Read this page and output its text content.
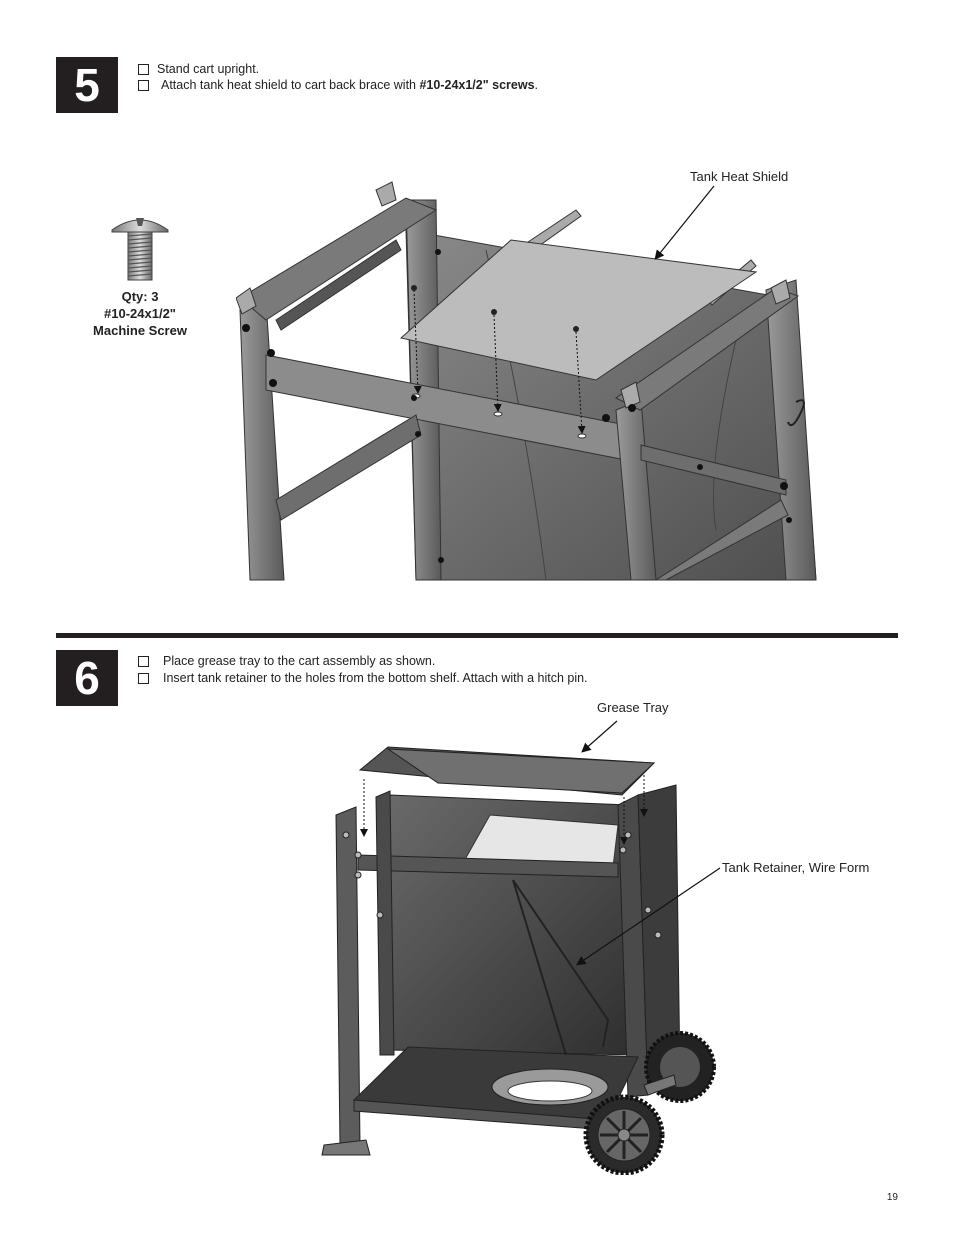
5	Stand cart upright.
Attach tank heat shield to cart back brace with #10-24x1/2" screws.
Qty: 3
#10-24x1/2"
Machine Screw
Tank Heat Shield
6	Place grease tray to the cart assembly as shown.
Insert tank retainer to the holes from the bottom shelf. Attach with a hitch pin.
Grease Tray
Tank Retainer, Wire Form
19
